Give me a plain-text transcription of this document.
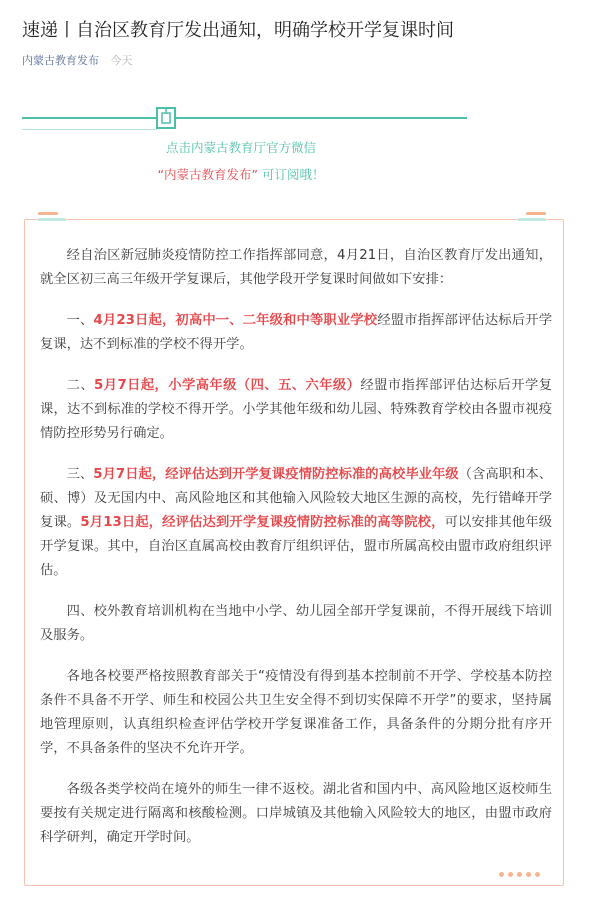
速递丨自治区教育厅发出通知，明确学校开学复课时间
内蒙古教育发布 今天
点击内蒙古教育厅官方微信
“内蒙古教育发布” 可订阅哦！

经自治区新冠肺炎疫情防控工作指挥部同意，4月21日，自治区教育厅发出通知，就全区初三高三年级开学复课后，其他学段开学复课时间做如下安排：

一、4月23日起，初高中一、二年级和中等职业学校经盟市指挥部评估达标后开学复课，达不到标准的学校不得开学。

二、5月7日起，小学高年级（四、五、六年级）经盟市指挥部评估达标后开学复课，达不到标准的学校不得开学。小学其他年级和幼儿园、特殊教育学校由各盟市视疫情防控形势另行确定。

三、5月7日起，经评估达到开学复课疫情防控标准的高校毕业年级（含高职和本、硕、博）及无国内中、高风险地区和其他输入风险较大地区生源的高校，先行错峰开学复课。5月13日起，经评估达到开学复课疫情防控标准的高等院校，可以安排其他年级开学复课。其中，自治区直属高校由教育厅组织评估，盟市所属高校由盟市政府组织评估。

四、校外教育培训机构在当地中小学、幼儿园全部开学复课前，不得开展线下培训及服务。

各地各校要严格按照教育部关于“疫情没有得到基本控制前不开学、学校基本防控条件不具备不开学、师生和校园公共卫生安全得不到切实保障不开学”的要求，坚持属地管理原则，认真组织检查评估学校开学复课准备工作，具备条件的分期分批有序开学，不具备条件的坚决不允许开学。

各级各类学校尚在境外的师生一律不返校。湖北省和国内中、高风险地区返校师生要按有关规定进行隔离和核酸检测。口岸城镇及其他输入风险较大的地区，由盟市政府科学研判，确定开学时间。
